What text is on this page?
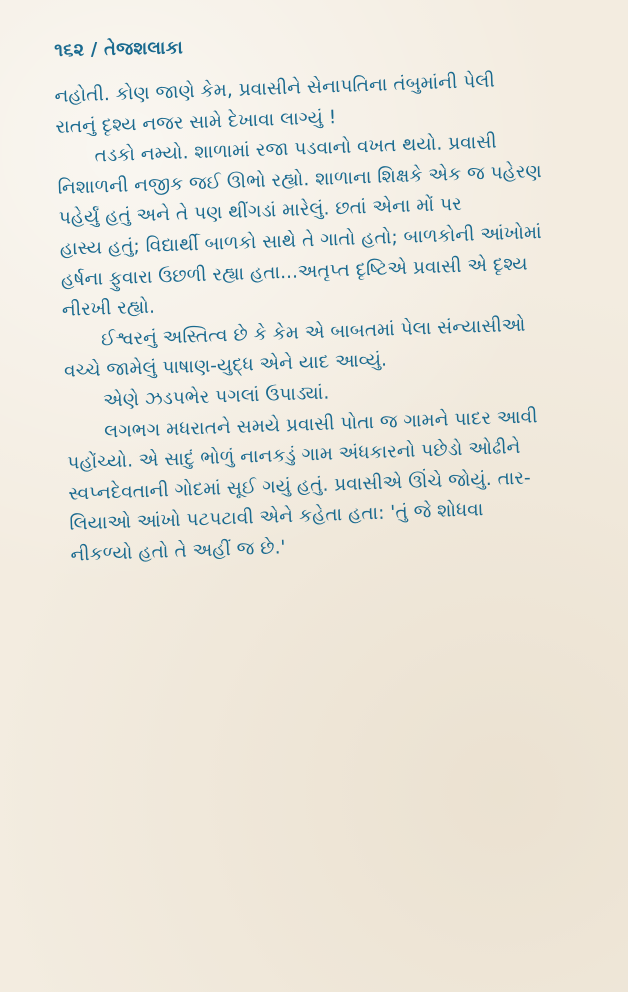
૧૬૨ / તેજશલાકા
નહોતી. કોણ જાણે કેમ, પ્રવાસીને સેનાપતિના તંબુમાંની પેલી
રાતનું દૃશ્ય નજર સામે દેખાવા લાગ્યું !
તડકો નમ્યો. શાળામાં રજા પડવાનો વખત થયો. પ્રવાસી
નિશાળની નજીક જઈ ઊભો રહ્યો. શાળાના શિક્ષકે એક જ પહેરણ
પહેર્યું હતું અને તે પણ થીંગડાં મારેલું. છતાં એના મોં પર
હાસ્ય હતું; વિદ્યાર્થી બાળકો સાથે તે ગાતો હતો; બાળકોની આંખોમાં
હર્ષના ફુવારા ઉછળી રહ્યા હતા...અતૃપ્ત દૃષ્ટિએ પ્રવાસી એ દૃશ્ય
નીરખી રહ્યો.
ઈશ્વરનું અસ્તિત્વ છે કે કેમ એ બાબતમાં પેલા સંન્યાસીઓ
વચ્ચે જામેલું પાષાણ-યુદ્ધ એને યાદ આવ્યું.
એણે ઝડપભેર પગલાં ઉપાડ્યાં.
લગભગ મધરાતને સમયે પ્રવાસી પોતા જ ગામને પાદર આવી
પહોંચ્યો. એ સાદું ભોળું નાનકડું ગામ અંધકારનો પછેડો ઓઢીને
સ્વપ્નદેવતાની ગોદમાં સૂઈ ગયું હતું. પ્રવાસીએ ઊંચે જોયું. તાર-
લિયાઓ આંખો પટપટાવી એને કહેતા હતા: 'તું જે શોધવા
નીકળ્યો હતો તે અહીં જ છે.'
